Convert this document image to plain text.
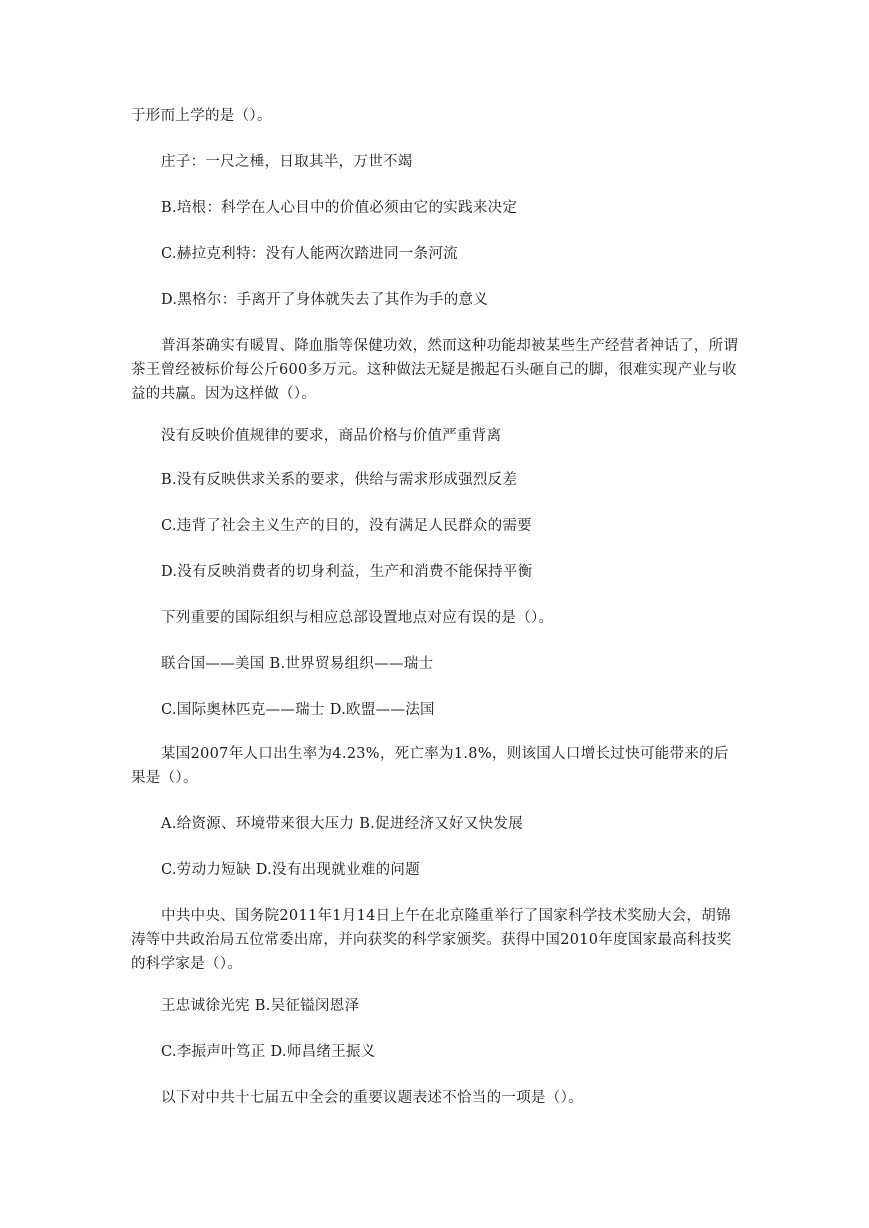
于形而上学的是（）。

庄子：一尺之棰，日取其半，万世不竭

B.培根：科学在人心目中的价值必须由它的实践来决定

C.赫拉克利特：没有人能两次踏进同一条河流

D.黑格尔：手离开了身体就失去了其作为手的意义

普洱茶确实有暖胃、降血脂等保健功效，然而这种功能却被某些生产经营者神话了，所谓茶王曾经被标价每公斤600多万元。这种做法无疑是搬起石头砸自己的脚，很难实现产业与收益的共赢。因为这样做（）。

没有反映价值规律的要求，商品价格与价值严重背离

B.没有反映供求关系的要求，供给与需求形成强烈反差

C.违背了社会主义生产的目的，没有满足人民群众的需要

D.没有反映消费者的切身利益，生产和消费不能保持平衡

下列重要的国际组织与相应总部设置地点对应有误的是（）。

联合国——美国 B.世界贸易组织——瑞士

C.国际奥林匹克——瑞士 D.欧盟——法国

某国2007年人口出生率为4.23%，死亡率为1.8%，则该国人口增长过快可能带来的后果是（）。

A.给资源、环境带来很大压力 B.促进经济又好又快发展

C.劳动力短缺 D.没有出现就业难的问题

中共中央、国务院2011年1月14日上午在北京隆重举行了国家科学技术奖励大会，胡锦涛等中共政治局五位常委出席，并向获奖的科学家颁奖。获得中国2010年度国家最高科技奖的科学家是（）。

王忠诚徐光宪 B.吴征镒闵恩泽

C.李振声叶笃正 D.师昌绪王振义

以下对中共十七届五中全会的重要议题表述不恰当的一项是（）。
